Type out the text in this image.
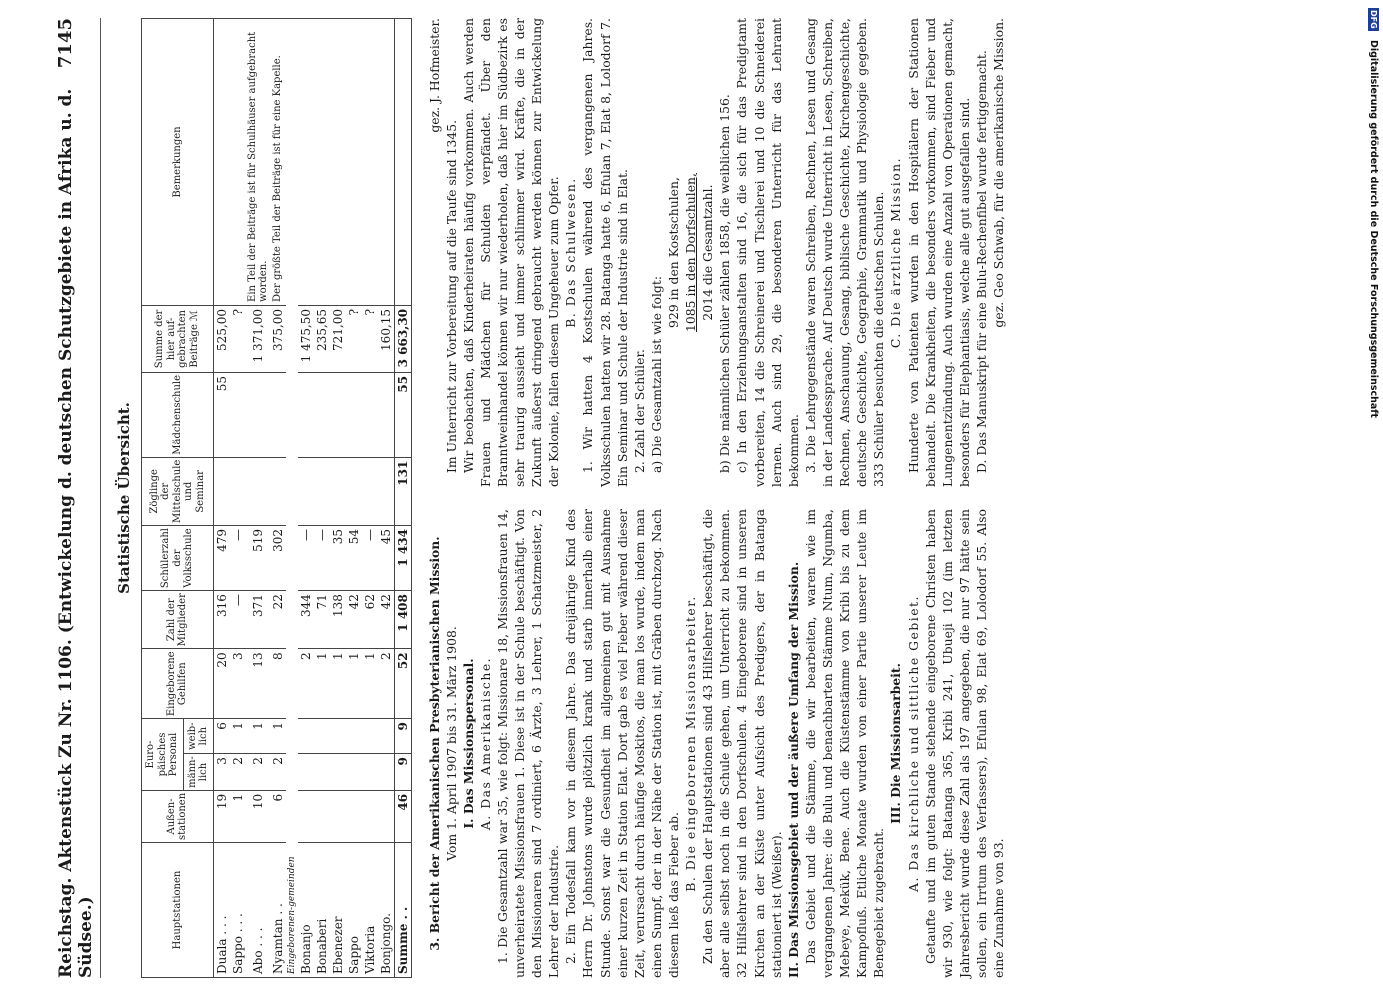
Reichstag. Aktenstück Zu Nr. 1106. (Entwickelung d. deutschen Schutzgebiete in Afrika u. d. Südsee.)
7145
Statistische Übersicht.
Hauptstationen	Außen-stationen	Euro-päisches Personal		Eingeborene Gehilfen	Zahl der Mitglieder	Schülerzahl der Volksschule	Zöglinge der Mittelschule und Seminar	Mädchenschule	Summe der hier auf-gebrachten Beiträge ℳ	Bemerkungen
		männ-lich	weib-lich							
Duala . . .	19	3	6	20	316	479		55	525,00	
Sappo . . .	1	2	1	3	—	—			?	
Abo . . .	10	2	1	13	371	519			1 371,00	Ein Teil der Beiträge ist für Schulhäuser aufgebracht worden.
Nyamtan . .	6	2	1	8	22	302			375,00	Der größte Teil der Beiträge ist für eine Kapelle.
Eingeborenen-gemeinden										
Bonanjo				2	344	—			1 475,50	
Bonaberi				1	71	—			235,65	
Ebenezer				1	138	35			721,00	
Sappo				1	42	54			?	
Viktoria				1	62	—			?	
Bonjongo.				2	42	45			160,15	
Summe . .	46	9	9	52	1 408	1 434	131	55	3 663,30	

3. Bericht der Amerikanischen Presbyterianischen Mission. Vom 1. April 1907 bis 31. März 1908. I. Das Missionspersonal. A. Das Amerikanische. 1. Die Gesamtzahl war 35, wie folgt: Missionare 18, Missionsfrauen 14, unverheiratete Missionsfrauen 1. Diese ist in der Schule beschäftigt. Von den Missionaren sind 7 ordiniert, 6 Ärzte, 3 Lehrer, 1 Schatzmeister, 2 Lehrer der Industrie. 2. Ein Todesfall kam vor in diesem Jahre. Das dreijährige Kind des Herrn Dr. Johnstons wurde plötzlich krank und starb innerhalb einer Stunde. Sonst war die Gesundheit im allgemeinen gut mit Ausnahme einer kurzen Zeit in Station Elat. Dort gab es viel Fieber während dieser Zeit, verursacht durch häufige Moskitos, die man los wurde, indem man einen Sumpf, der in der Nähe der Station ist, mit Gräben durchzog. Nach diesem ließ das Fieber ab.

B. Die eingeborenen Missionsarbeiter. Zu den Schulen der Hauptstationen sind 43 Hilfslehrer beschäftigt, die aber alle selbst noch in die Schule gehen, um Unterricht zu bekommen. 32 Hilfslehrer sind in den Dorfschulen. 4 Eingeborene sind in unseren Kirchen an der Küste unter Aufsicht des Predigers, der in Batanga stationiert ist (Weißer). II. Das Missionsgebiet und der äußere Umfang der Mission. Das Gebiet und die Stämme, die wir bearbeiten, waren wie im vergangenen Jahre: die Bulu und benachbarten Stämme Ntum, Ngumba, Mebeye, Mekük, Bene. Auch die Küstenstämme von Kribi bis zu dem Kampofluß. Etliche Monate wurden von einer Partie unserer Leute im Benegebiet zugebracht.

III. Die Missionsarbeit. A. Das kirchliche und sittliche Gebiet. Getaufte und im guten Stande stehende eingeborene Christen haben wir 930, wie folgt: Batanga 365, Kribi 241, Ubueji 102 (im letzten Jahresbericht wurde diese Zahl als 197 angegeben, die nur 97 hätte sein sollen, ein Irrtum des Verfassers), Efulan 98, Elat 69, Lolodorf 55. Also eine Zunahme von 93.

gez. J. Hofmeister.

Im Unterricht zur Vorbereitung auf die Taufe sind 1345. Wir beobachten, daß Kinderheiraten häufig vorkommen. Auch werden Frauen und Mädchen für Schulden verpfändet. Über den Branntweinhandel können wir nur wiederholen, daß hier im Südbezirk es sehr traurig aussieht und immer schlimmer wird. Kräfte, die in der Zukunft äußerst dringend gebraucht werden können zur Entwickelung der Kolonie, fallen diesem Ungeheuer zum Opfer. B. Das Schulwesen. 1. Wir hatten 4 Kostschulen während des vergangenen Jahres. Volksschulen hatten wir 28. Batanga hatte 6, Efulan 7, Elat 8, Lolodorf 7. Ein Seminar und Schule der Industrie sind in Elat. 2. Zahl der Schüler. a) Die Gesamtzahl ist wie folgt:

929 in den Kostschulen, 1085 in den Dorfschulen, 2014 die Gesamtzahl. b) Die männlichen Schüler zählen 1858, die weiblichen 156. c) In den Erziehungsanstalten sind 16, die sich für das Predigtamt vorbereiten, 14 die Schreinerei und Tischlerei und 10 die Schneiderei lernen. Auch sind 29, die besonderen Unterricht für das Lehramt bekommen. 3. Die Lehrgegenstände waren Schreiben, Rechnen, Lesen und Gesang in der Landessprache. Auf Deutsch wurde Unterricht in Lesen, Schreiben, Rechnen, Anschauung, Gesang, biblische Geschichte, Kirchengeschichte, deutsche Geschichte, Geographie, Grammatik und Physiologie gegeben. 333 Schüler besuchten die deutschen Schulen. C. Die ärztliche Mission. Hunderte von Patienten wurden in den Hospitälern der Stationen behandelt. Die Krankheiten, die besonders vorkommen, sind Fieber und Lungenentzündung. Auch wurden eine Anzahl von Operationen gemacht, besonders für Elephantiasis, welche alle gut ausgefallen sind. D. Das Manuskript für eine Bulu-Rechenfibel wurde fertiggemacht. gez. Geo Schwab, für die amerikanische Mission.	DFG Digitalisierung gefördert durch die Deutsche Forschungsgemeinschaft
